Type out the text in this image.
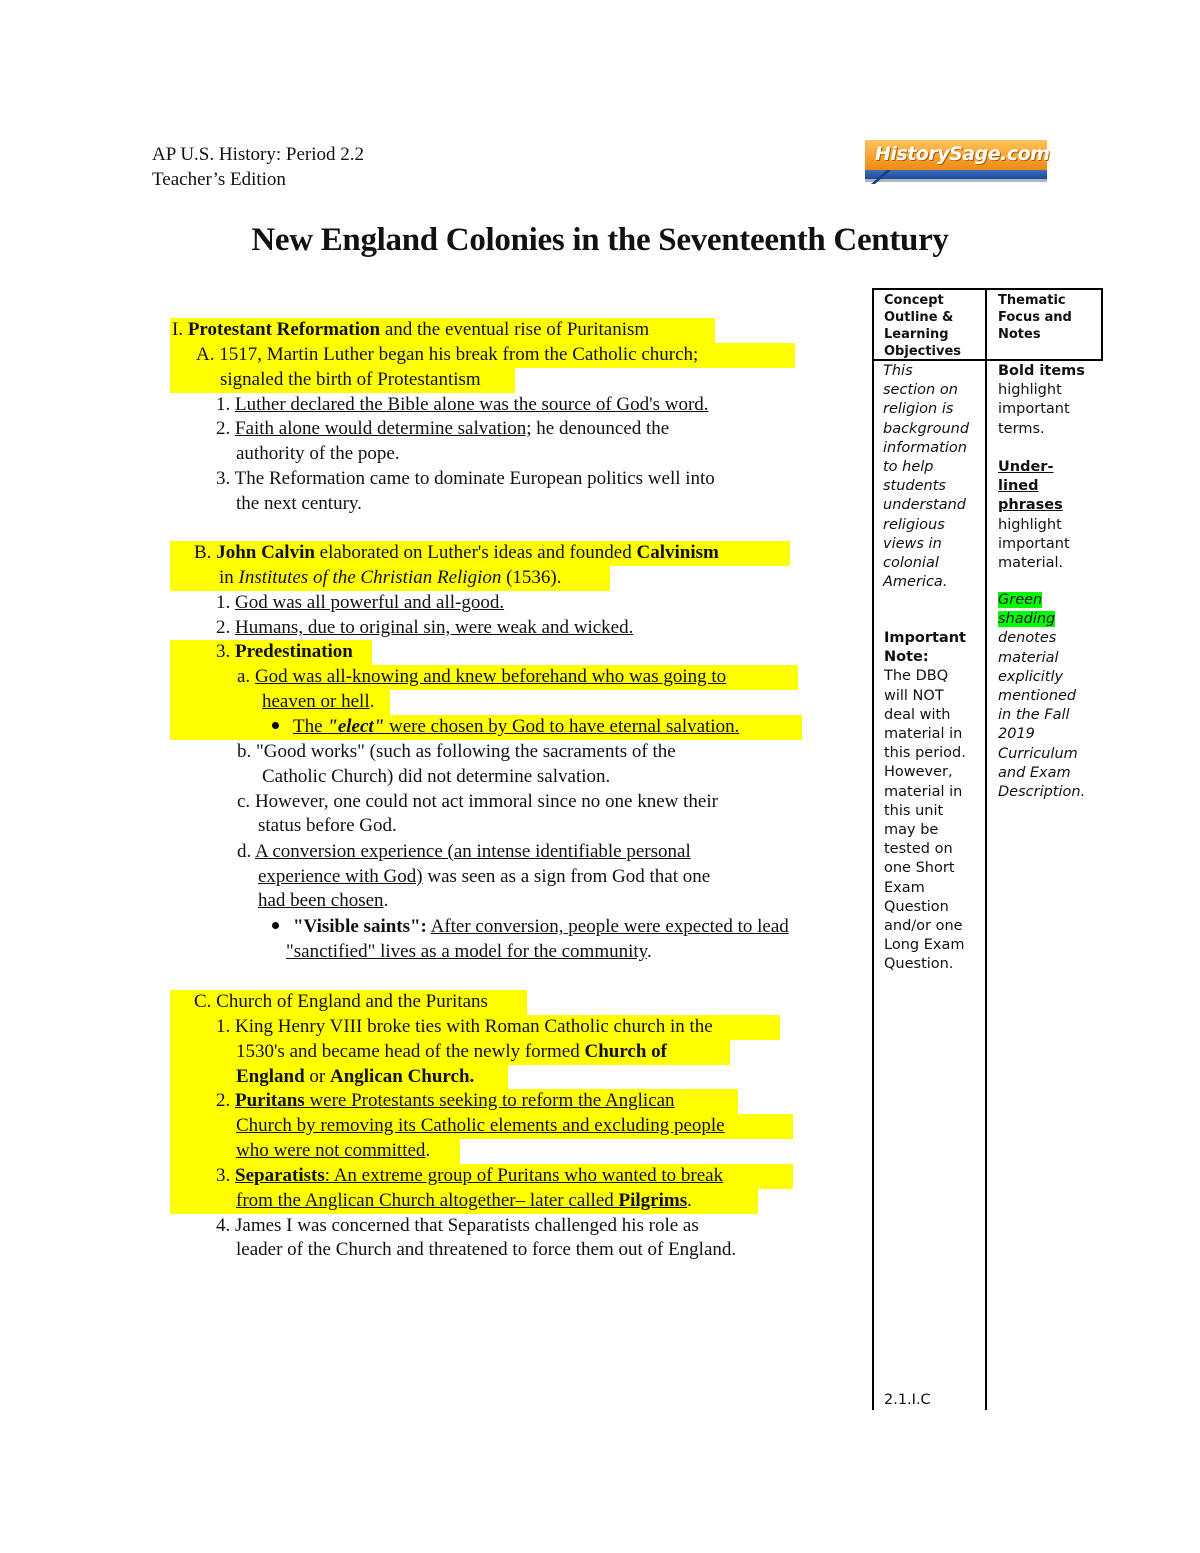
AP U.S. History: Period 2.2
Teacher’s Edition
HistorySage.com
New England Colonies in the Seventeenth Century
I. Protestant Reformation and the eventual rise of Puritanism
A. 1517, Martin Luther began his break from the Catholic church;
signaled the birth of Protestantism
1. Luther declared the Bible alone was the source of God's word.
2. Faith alone would determine salvation; he denounced the
authority of the pope.
3. The Reformation came to dominate European politics well into
the next century.
B. John Calvin elaborated on Luther's ideas and founded Calvinism
in Institutes of the Christian Religion (1536).
1. God was all powerful and all-good.
2. Humans, due to original sin, were weak and wicked.
3. Predestination
a. God was all-knowing and knew beforehand who was going to
heaven or hell.
The "elect" were chosen by God to have eternal salvation.
b. "Good works" (such as following the sacraments of the
Catholic Church) did not determine salvation.
c. However, one could not act immoral since no one knew their
status before God.
d. A conversion experience (an intense identifiable personal
experience with God) was seen as a sign from God that one
had been chosen.
"Visible saints": After conversion, people were expected to lead
"sanctified" lives as a model for the community.
C. Church of England and the Puritans
1. King Henry VIII broke ties with Roman Catholic church in the
1530's and became head of the newly formed Church of
England or Anglican Church.
2. Puritans were Protestants seeking to reform the Anglican
Church by removing its Catholic elements and excluding people
who were not committed.
3. Separatists: An extreme group of Puritans who wanted to break
from the Anglican Church altogether– later called Pilgrims.
4. James I was concerned that Separatists challenged his role as
leader of the Church and threatened to force them out of England.
Concept
Outline &
Learning
Objectives
Thematic
Focus and
Notes
This
section on
religion is
background
information
to help
students
understand
religious
views in
colonial
America.
Important
Note:
The DBQ
will NOT
deal with
material in
this period.
However,
material in
this unit
may be
tested on
one Short
Exam
Question
and/or one
Long Exam
Question.
2.1.I.C
Bold items
highlight
important
terms.
Under-
lined
phrases
highlight
important
material.
Green
shading
denotes
material
explicitly
mentioned
in the Fall
2019
Curriculum
and Exam
Description.
